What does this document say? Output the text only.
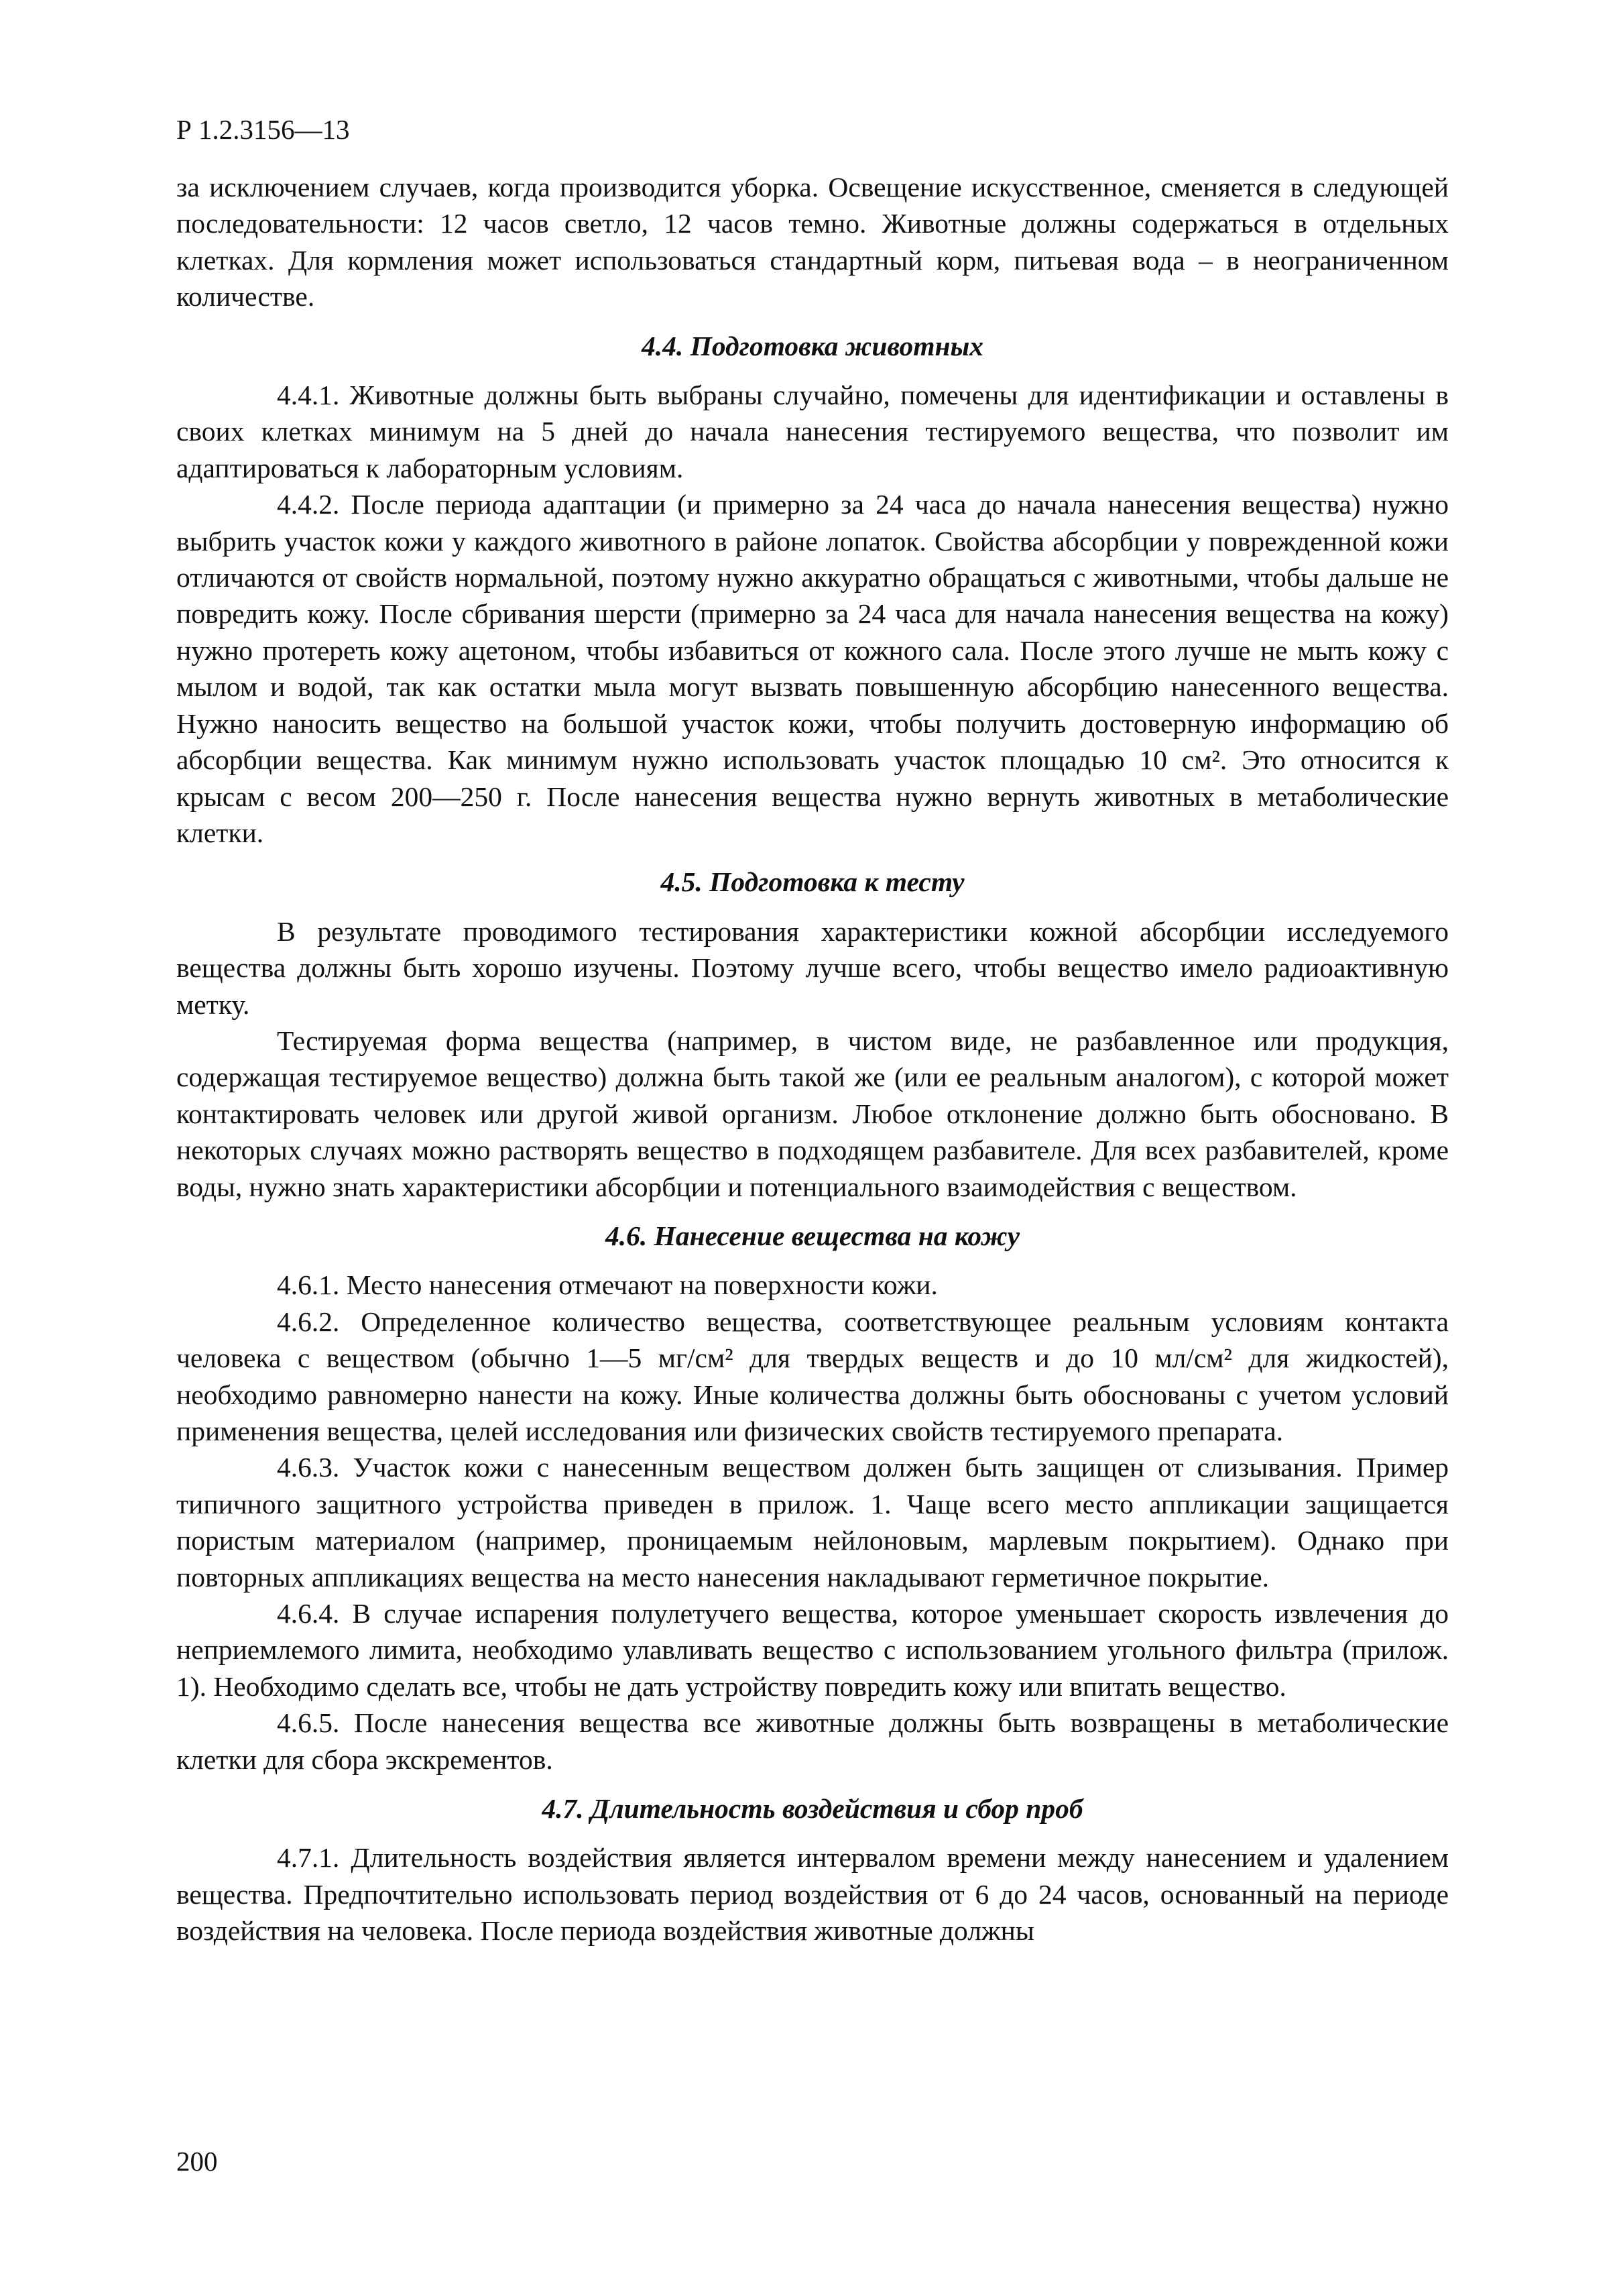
Р 1.2.3156—13

за исключением случаев, когда производится уборка. Освещение искусственное, сменяется в следующей последовательности: 12 часов светло, 12 часов темно. Животные должны содержаться в отдельных клетках. Для кормления может использоваться стандартный корм, питьевая вода – в неограниченном количестве.

4.4. Подготовка животных

4.4.1. Животные должны быть выбраны случайно, помечены для идентификации и оставлены в своих клетках минимум на 5 дней до начала нанесения тестируемого вещества, что позволит им адаптироваться к лабораторным условиям.

4.4.2. После периода адаптации (и примерно за 24 часа до начала нанесения вещества) нужно выбрить участок кожи у каждого животного в районе лопаток. Свойства абсорбции у поврежденной кожи отличаются от свойств нормальной, поэтому нужно аккуратно обращаться с животными, чтобы дальше не повредить кожу. После сбривания шерсти (примерно за 24 часа для начала нанесения вещества на кожу) нужно протереть кожу ацетоном, чтобы избавиться от кожного сала. После этого лучше не мыть кожу с мылом и водой, так как остатки мыла могут вызвать повышенную абсорбцию нанесенного вещества. Нужно наносить вещество на большой участок кожи, чтобы получить достоверную информацию об абсорбции вещества. Как минимум нужно использовать участок площадью 10 см². Это относится к крысам с весом 200—250 г. После нанесения вещества нужно вернуть животных в метаболические клетки.

4.5. Подготовка к тесту

В результате проводимого тестирования характеристики кожной абсорбции исследуемого вещества должны быть хорошо изучены. Поэтому лучше всего, чтобы вещество имело радиоактивную метку.

Тестируемая форма вещества (например, в чистом виде, не разбавленное или продукция, содержащая тестируемое вещество) должна быть такой же (или ее реальным аналогом), с которой может контактировать человек или другой живой организм. Любое отклонение должно быть обосновано. В некоторых случаях можно растворять вещество в подходящем разбавителе. Для всех разбавителей, кроме воды, нужно знать характеристики абсорбции и потенциального взаимодействия с веществом.

4.6. Нанесение вещества на кожу

4.6.1. Место нанесения отмечают на поверхности кожи.

4.6.2. Определенное количество вещества, соответствующее реальным условиям контакта человека с веществом (обычно 1—5 мг/см² для твердых веществ и до 10 мл/см² для жидкостей), необходимо равномерно нанести на кожу. Иные количества должны быть обоснованы с учетом условий применения вещества, целей исследования или физических свойств тестируемого препарата.

4.6.3. Участок кожи с нанесенным веществом должен быть защищен от слизывания. Пример типичного защитного устройства приведен в прилож. 1. Чаще всего место аппликации защищается пористым материалом (например, проницаемым нейлоновым, марлевым покрытием). Однако при повторных аппликациях вещества на место нанесения накладывают герметичное покрытие.

4.6.4. В случае испарения полулетучего вещества, которое уменьшает скорость извлечения до неприемлемого лимита, необходимо улавливать вещество с использованием угольного фильтра (прилож. 1). Необходимо сделать все, чтобы не дать устройству повредить кожу или впитать вещество.

4.6.5. После нанесения вещества все животные должны быть возвращены в метаболические клетки для сбора экскрементов.

4.7. Длительность воздействия и сбор проб

4.7.1. Длительность воздействия является интервалом времени между нанесением и удалением вещества. Предпочтительно использовать период воздействия от 6 до 24 часов, основанный на периоде воздействия на человека. После периода воздействия животные должны

200
